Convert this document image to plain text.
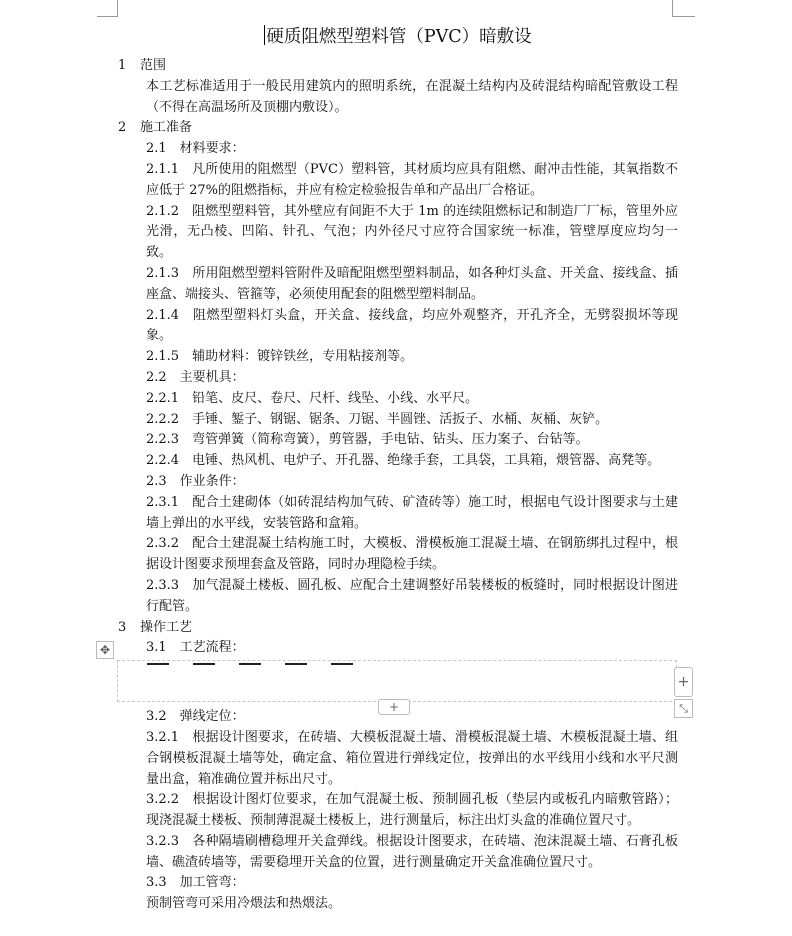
硬质阻燃型塑料管（PVC）暗敷设

1 范围

本工艺标准适用于一般民用建筑内的照明系统，在混凝土结构内及砖混结构暗配管敷设工程（不得在高温场所及顶棚内敷设）。

2 施工准备

2.1　材料要求：

2.1.1　凡所使用的阻燃型（PVC）塑料管，其材质均应具有阻燃、耐冲击性能，其氧指数不应低于 27%的阻燃指标，并应有检定检验报告单和产品出厂合格证。

2.1.2　阻燃型塑料管，其外壁应有间距不大于 1m 的连续阻燃标记和制造厂厂标，管里外应光滑，无凸棱、凹陷、针孔、气泡；内外径尺寸应符合国家统一标准，管壁厚度应均匀一致。

2.1.3　所用阻燃型塑料管附件及暗配阻燃型塑料制品，如各种灯头盒、开关盒、接线盒、插座盒、端接头、管箍等，必须使用配套的阻燃型塑料制品。

2.1.4　阻燃型塑料灯头盒，开关盒、接线盒，均应外观整齐，开孔齐全，无劈裂损坏等现象。

2.1.5　辅助材料：镀锌铁丝，专用粘接剂等。

2.2　主要机具：

2.2.1　铅笔、皮尺、卷尺、尺杆、线坠、小线、水平尺。

2.2.2　手锤、錾子、钢锯、锯条、刀锯、半圆锉、活扳子、水桶、灰桶、灰铲。

2.2.3　弯管弹簧（简称弯簧），剪管器，手电钻、钻头、压力案子、台钻等。

2.2.4　电锤、热风机、电炉子、开孔器、绝缘手套，工具袋，工具箱，煨管器、高凳等。

2.3　作业条件：

2.3.1　配合土建砌体（如砖混结构加气砖、矿渣砖等）施工时，根据电气设计图要求与土建墙上弹出的水平线，安装管路和盒箱。

2.3.2　配合土建混凝土结构施工时，大模板、滑模板施工混凝土墙、在钢筋绑扎过程中，根据设计图要求预埋套盒及管路，同时办理隐检手续。

2.3.3　加气混凝土楼板、圆孔板、应配合土建调整好吊装楼板的板缝时，同时根据设计图进行配管。

3 操作工艺

3.1　工艺流程：

✥
+
+	⤡

3.2　弹线定位：

3.2.1　根据设计图要求，在砖墙、大模板混凝土墙、滑模板混凝土墙、木模板混凝土墙、组合钢模板混凝土墙等处，确定盒、箱位置进行弹线定位，按弹出的水平线用小线和水平尺测量出盒，箱准确位置并标出尺寸。

3.2.2　根据设计图灯位要求，在加气混凝土板、预制圆孔板（垫层内或板孔内暗敷管路）；现浇混凝土楼板、预制薄混凝土楼板上，进行测量后，标注出灯头盒的准确位置尺寸。

3.2.3　各种隔墙刷槽稳埋开关盒弹线。根据设计图要求，在砖墙、泡沫混凝土墙、石膏孔板墙、礁渣砖墙等，需要稳埋开关盒的位置，进行测量确定开关盒准确位置尺寸。

3.3　加工管弯：

预制管弯可采用冷煨法和热煨法。
